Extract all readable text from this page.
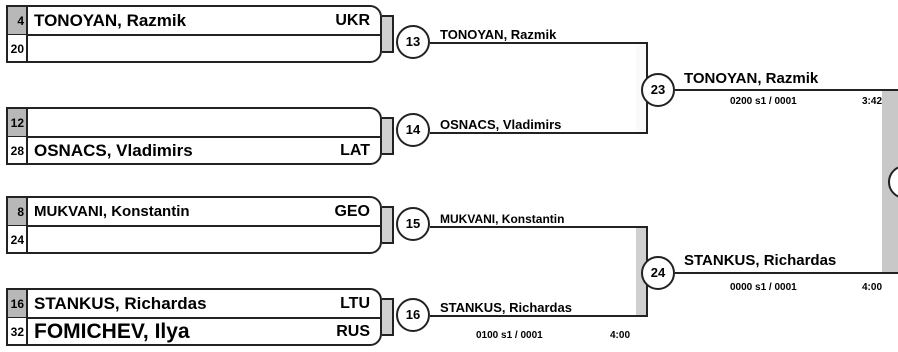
4 TONOYAN, Razmik	UKR
20
12
28 OSNACS, Vladimirs	LAT
8 MUKVANI, Konstantin	GEO
24
16 STANKUS, Richardas	LTU
32 FOMICHEV, Ilya	RUS
13
14
15
16
TONOYAN, Razmik
OSNACS, Vladimirs
MUKVANI, Konstantin
STANKUS, Richardas
0100 s1 / 0001	4:00
23
24
TONOYAN, Razmik
STANKUS, Richardas
0200 s1 / 0001	3:42
0000 s1 / 0001	4:00
